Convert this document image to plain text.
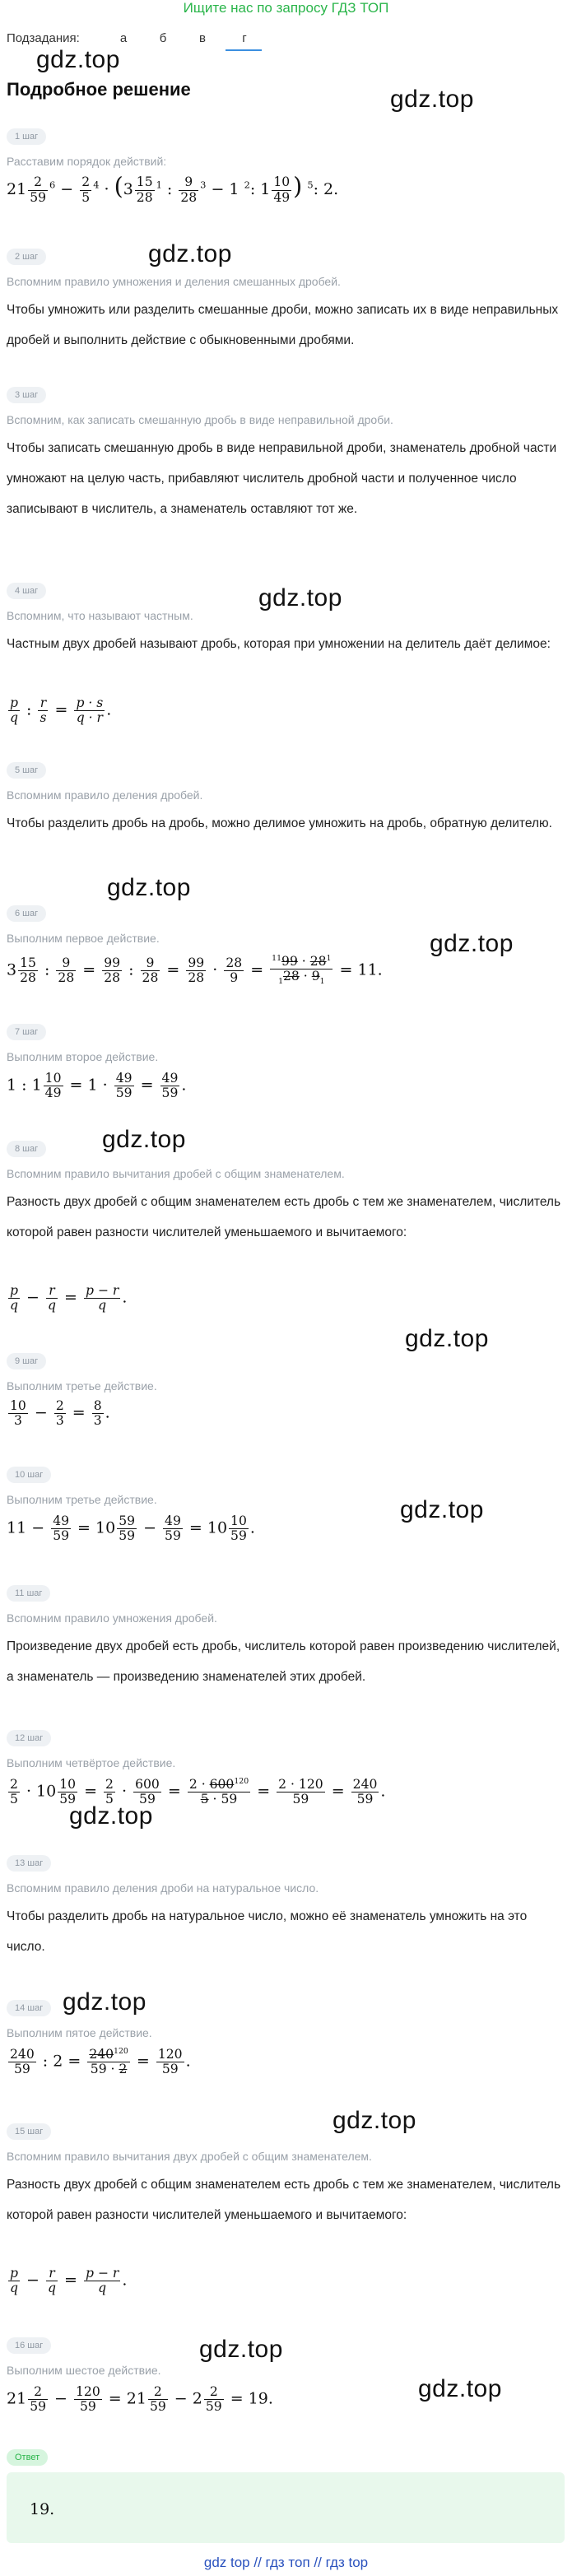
Ищите нас по запросу ГДЗ ТОП
Подзадания:	а	б	в	г
gdz.top
gdz.top
gdz.top
gdz.top
gdz.top
gdz.top
gdz.top
gdz.top
gdz.top
gdz.top
gdz.top
gdz.top
gdz.top
gdz.top
Подробное решение
1 шаг
Расставим порядок действий:
$21 \frac{2}{59} ^6 - \frac{2}{5} ^4 \cdot (3 \frac{15}{28} ^1$ : $\frac{9}{28} ^3 - 1$ $^2$: $1 \frac{10}{49}$ ) $^5$: 2.
2 шаг
Вспомним правило умножения и деления смешанных дробей.
Чтобы умножить или разделить смешанные дроби, можно записать их в виде неправильных дробей и выполнить действие с обыкновенными дробями.
3 шаг
Вспомним, как записать смешанную дробь в виде неправильной дроби.
Чтобы записать смешанную дробь в виде неправильной дроби, знаменатель дробной части умножают на целую часть, прибавляют числитель дробной части и полученное число записывают в числитель, а знаменатель оставляют тот же.
4 шаг
Вспомним, что называют частным.
Частным двух дробей называют дробь, которая при умножении на делитель даёт делимое:
$\frac{p}{q}$ : $\frac{r}{s} = \frac{p \cdot s}{q \cdot r}$ .
5 шаг
Вспомним правило деления дробей.
Чтобы разделить дробь на дробь, можно делимое умножить на дробь, обратную делителю.
6 шаг
Выполним первое действие.
$3 \frac{15}{28}$ : $\frac{9}{28} = \frac{99}{28}$ : $\frac{9}{28} = \frac{99}{28} \cdot \frac{28}{9} = \frac{^{11}99 \cdot 28^1}{_128 \cdot 9_1} = 11$.
7 шаг
Выполним второе действие.
1 : $1 \frac{10}{49} = 1 \cdot \frac{49}{59} = \frac{49}{59}$ .
8 шаг
Вспомним правило вычитания дробей с общим знаменателем.
Разность двух дробей с общим знаменателем есть дробь с тем же знаменателем, числитель которой равен разности числителей уменьшаемого и вычитаемого:
$\frac{p}{q} - \frac{r}{q} = \frac{p - r}{q}$ .
9 шаг
Выполним третье действие.
$\frac{10}{3} - \frac{2}{3} = \frac{8}{3}$ .
10 шаг
Выполним третье действие.
$11 - \frac{49}{59} = 10 \frac{59}{59} - \frac{49}{59} = 10 \frac{10}{59}$ .
11 шаг
Вспомним правило умножения дробей.
Произведение двух дробей есть дробь, числитель которой равен произведению числителей, а знаменатель — произведению знаменателей этих дробей.
12 шаг
Выполним четвёртое действие.
$\frac{2}{5} \cdot 10 \frac{10}{59} = \frac{2}{5} \cdot \frac{600}{59} = \frac{2 \cdot 600^{120}}{5 \cdot 59} = \frac{2 \cdot 120}{59} = \frac{240}{59}$ .
13 шаг
Вспомним правило деления дроби на натуральное число.
Чтобы разделить дробь на натуральное число, можно её знаменатель умножить на это число.
14 шаг
Выполним пятое действие.
$\frac{240}{59}$ : $2 = \frac{240^{120}}{59 \cdot 2} = \frac{120}{59}$ .
15 шаг
Вспомним правило вычитания двух дробей с общим знаменателем.
Разность двух дробей с общим знаменателем есть дробь с тем же знаменателем, числитель которой равен разности числителей уменьшаемого и вычитаемого:
$\frac{p}{q} - \frac{r}{q} = \frac{p - r}{q}$ .
16 шаг
Выполним шестое действие.
$21 \frac{2}{59} - \frac{120}{59} = 21 \frac{2}{59} - 2 \frac{2}{59} = 19$.
Ответ
19.
gdz top // гдз топ // гдз top
